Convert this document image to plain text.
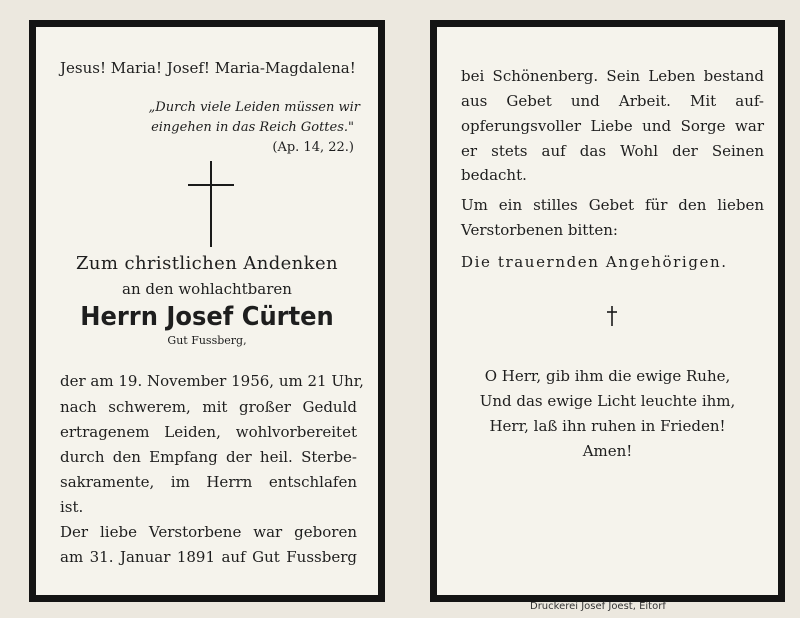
Jesus! Maria! Josef! Maria-Magdalena!

„Durch viele Leiden müssen wir

eingehen in das Reich Gottes."

(Ap. 14, 22.)

Zum christlichen Andenken

an den wohlachtbaren

Herrn Josef Cürten

Gut Fussberg,

der am 19. November 1956, um 21 Uhr,

nach schwerem, mit großer Geduld

ertragenem Leiden, wohlvorbereitet

durch den Empfang der heil. Sterbe-

sakramente, im Herrn entschlafen

ist.

Der liebe Verstorbene war geboren

am 31. Januar 1891 auf Gut Fussberg

bei Schönenberg. Sein Leben bestand

aus Gebet und Arbeit. Mit auf-

opferungsvoller Liebe und Sorge war

er stets auf das Wohl der Seinen

bedacht.

Um ein stilles Gebet für den lieben

Verstorbenen bitten:

Die trauernden Angehörigen.

O Herr, gib ihm die ewige Ruhe,

Und das ewige Licht leuchte ihm,

Herr, laß ihn ruhen in Frieden!

Amen!

Druckerei Josef Joest, Eitorf
